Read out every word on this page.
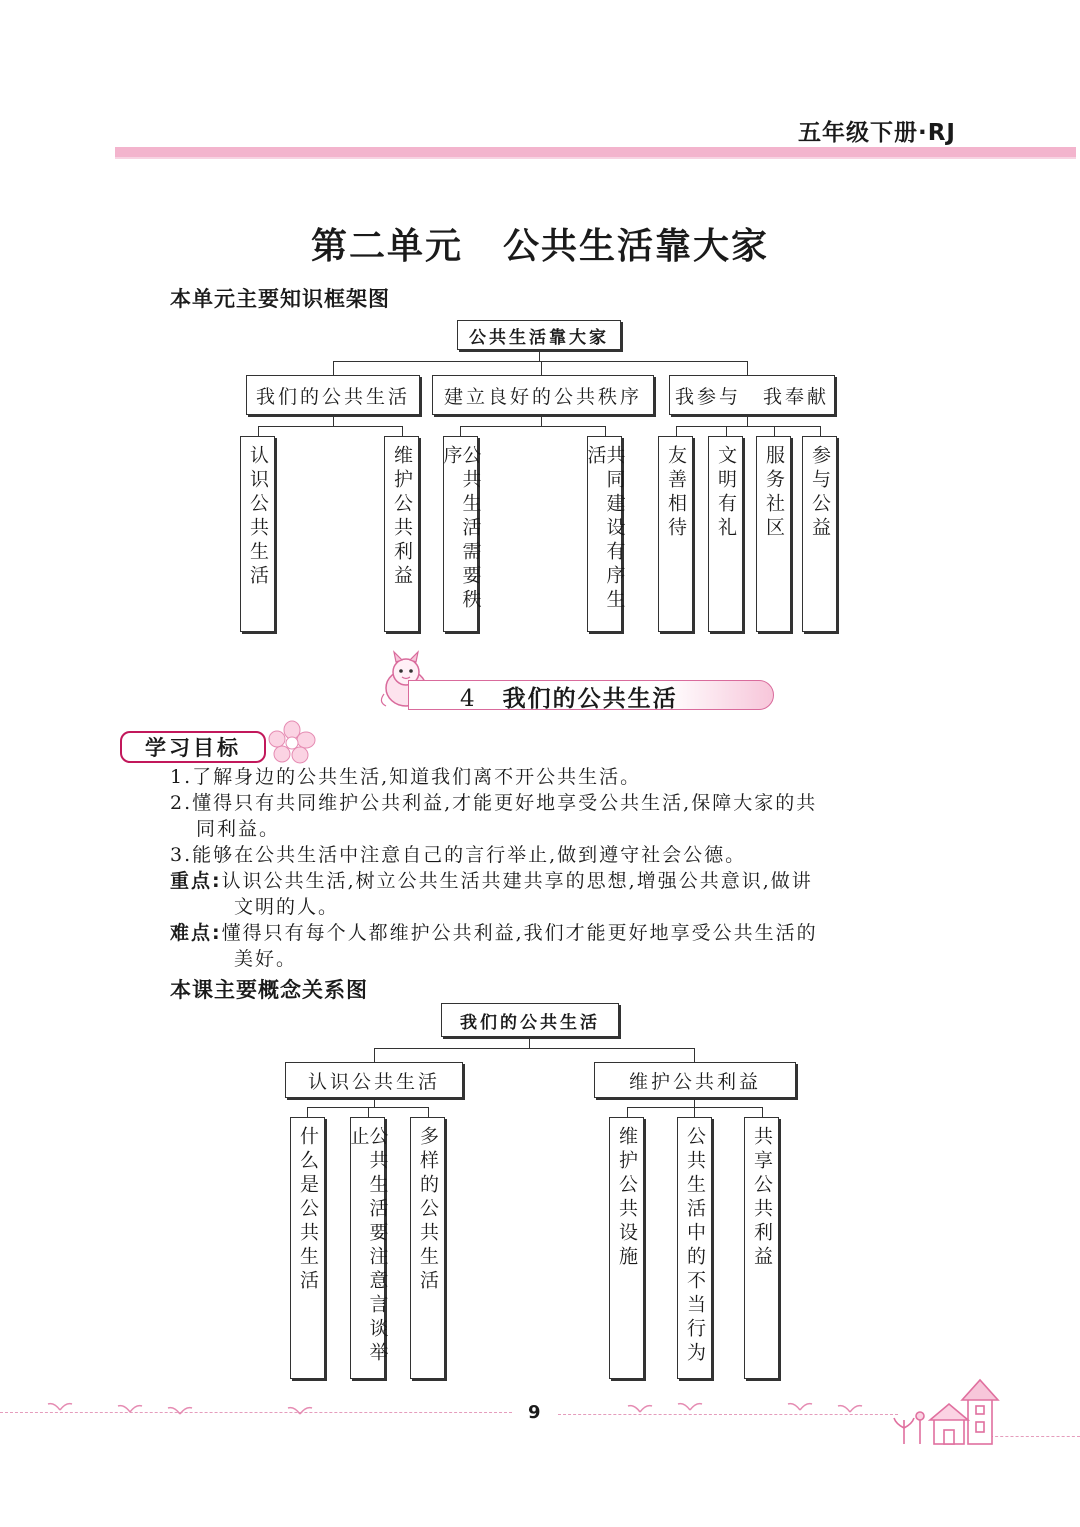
五年级下册·RJ
第二单元 公共生活靠大家
本单元主要知识框架图
公共生活靠大家
我们的公共生活	建立良好的公共秩序	我参与　我奉献
认识公共生活	维护公共利益	公共生活需要秩序	共同建设有序生活	友善相待 文明有礼 服务社区 参与公益
4 我们的公共生活
学习目标
1.了解身边的公共生活,知道我们离不开公共生活。
2.懂得只有共同维护公共利益,才能更好地享受公共生活,保障大家的共
同利益。
3.能够在公共生活中注意自己的言行举止,做到遵守社会公德。
重点:认识公共生活,树立公共生活共建共享的思想,增强公共意识,做讲
文明的人。
难点:懂得只有每个人都维护公共利益,我们才能更好地享受公共生活的
美好。
本课主要概念关系图
我们的公共生活
认识公共生活	维护公共利益
什么是公共生活	公共生活要注意言谈举止	多样的公共生活	维护公共设施 公共生活中的不当行为 共享公共利益
9
